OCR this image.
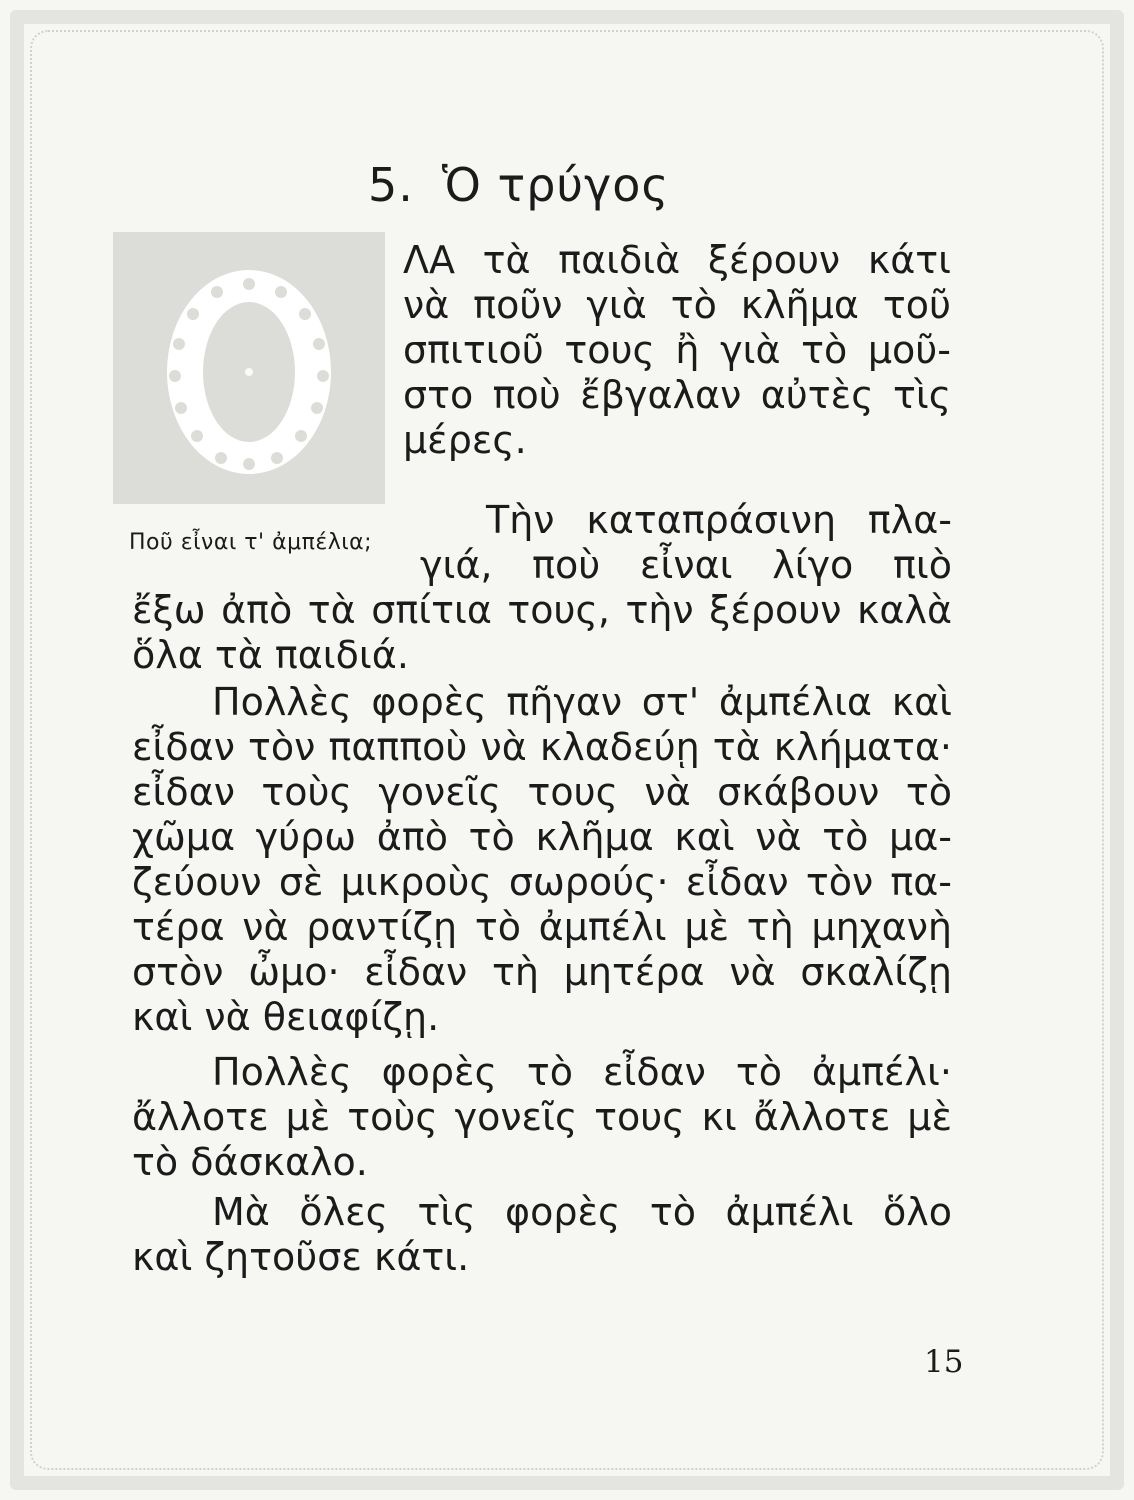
5. Ὁ τρύγος
ΛΑ τὰ παιδιὰ ξέρουν κάτι
νὰ ποῦν γιὰ τὸ κλῆμα τοῦ
σπιτιοῦ τους ἢ γιὰ τὸ μοῦ-
στο ποὺ ἔβγαλαν αὐτὲς τὶς
μέρες.
Ποῦ εἶναι τ' ἀμπέλια;
Τὴν καταπράσινη πλα-
γιά, ποὺ εἶναι λίγο πιὸ
ἔξω ἀπὸ τὰ σπίτια τους, τὴν ξέρουν καλὰ
ὅλα τὰ παιδιά.
Πολλὲς φορὲς πῆγαν στ' ἀμπέλια καὶ
εἶδαν τὸν παπποὺ νὰ κλαδεύῃ τὰ κλήματα·
εἶδαν τοὺς γονεῖς τους νὰ σκάβουν τὸ
χῶμα γύρω ἀπὸ τὸ κλῆμα καὶ νὰ τὸ μα-
ζεύουν σὲ μικροὺς σωρούς· εἶδαν τὸν πα-
τέρα νὰ ραντίζῃ τὸ ἀμπέλι μὲ τὴ μηχανὴ
στὸν ὦμο· εἶδαν τὴ μητέρα νὰ σκαλίζῃ
καὶ νὰ θειαφίζῃ.
Πολλὲς φορὲς τὸ εἶδαν τὸ ἀμπέλι·
ἄλλοτε μὲ τοὺς γονεῖς τους κι ἄλλοτε μὲ
τὸ δάσκαλο.
Μὰ ὅλες τὶς φορὲς τὸ ἀμπέλι ὅλο
καὶ ζητοῦσε κάτι.
15
